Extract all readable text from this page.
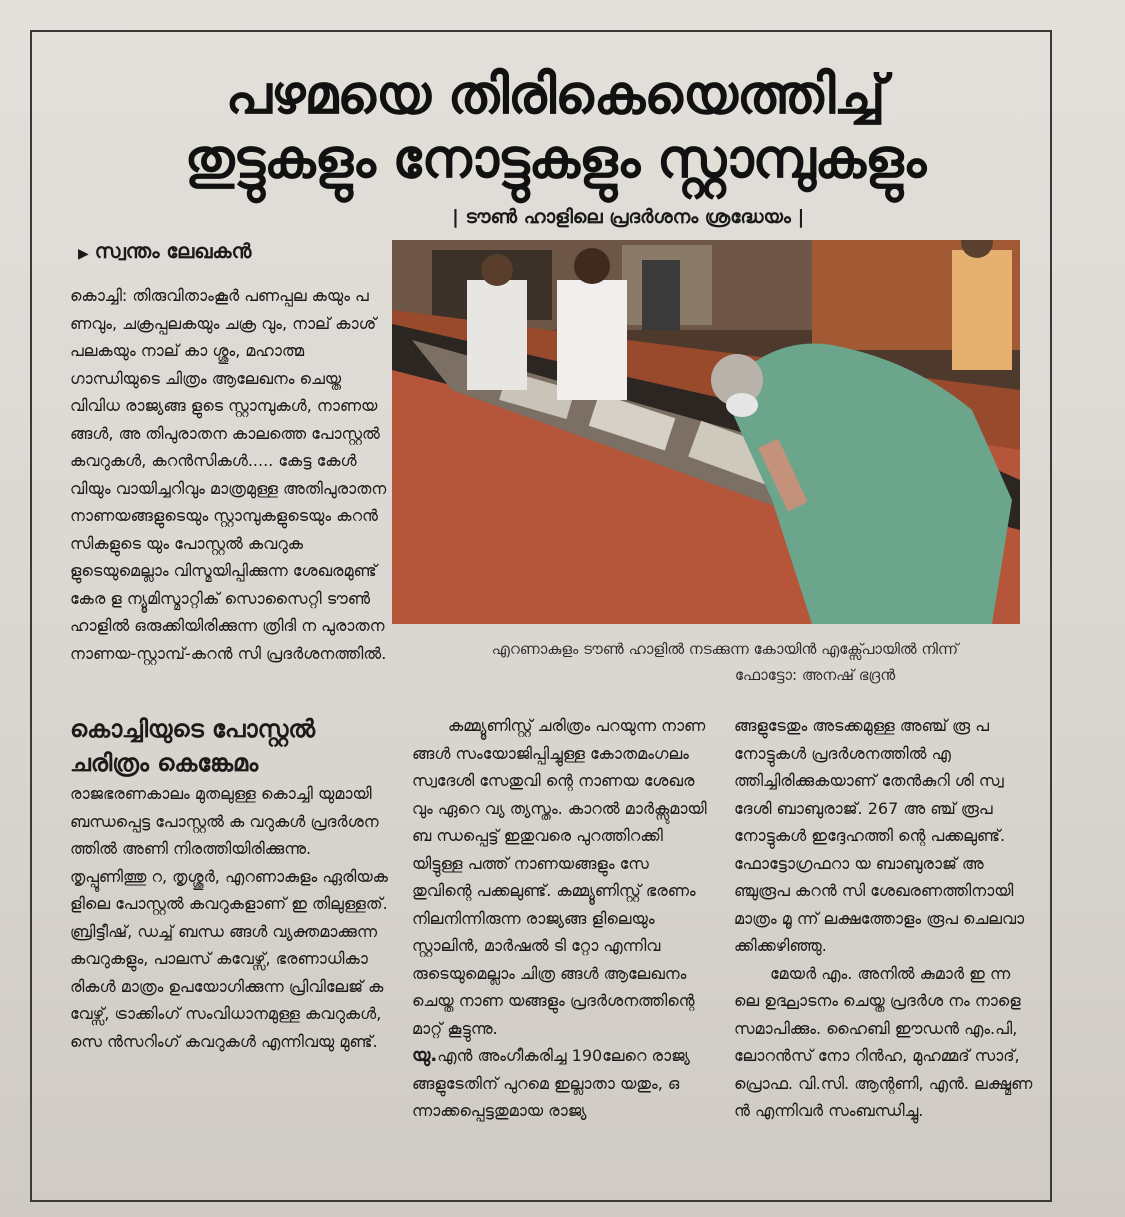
പഴമയെ തിരികെയെത്തിച്ച്
തുട്ടുകളും നോട്ടുകളും സ്റ്റാമ്പുകളും
| ടൗൺ ഹാളിലെ പ്രദർശനം ശ്രദ്ധേയം |
▶ സ്വന്തം ലേഖകൻ

കൊച്ചി: തിരുവിതാംകൂർ പണപ്പല കയും പണവും, ചക്രപ്പലകയും ചക്ര വും, നാല് കാശ് പലകയും നാല് കാ ശ്ശും, മഹാത്മ ഗാന്ധിയുടെ ചിത്രം ആലേഖനം ചെയ്ത വിവിധ രാജ്യങ്ങ ളുടെ സ്റ്റാമ്പുകൾ, നാണയങ്ങൾ, അ തിപുരാതന കാലത്തെ പോസ്റ്റൽ കവറുകൾ, കറൻസികൾ..... കേട്ട കേൾവിയും വായിച്ചറിവും മാത്രമുള്ള അതിപുരാതന നാണയങ്ങളുടെയും സ്റ്റാമ്പുകളുടെയും കറൻസികളുടെ യും പോസ്റ്റൽ കവറുകളുടെയുമെല്ലാം വിസ്മയിപ്പിക്കുന്ന ശേഖരമുണ്ട് കേര ള ന്യൂമിസ്മാറ്റിക് സൊസൈറ്റി ടൗൺ ഹാളിൽ ഒരുക്കിയിരിക്കുന്ന ത്രിദി ന പുരാതന നാണയ-സ്റ്റാമ്പ്-കറൻ സി പ്രദർശനത്തിൽ.

കൊച്ചിയുടെ പോസ്റ്റൽ
ചരിത്രം കെങ്കേമം

രാജഭരണകാലം മുതലുള്ള കൊച്ചി യുമായി ബന്ധപ്പെട്ട പോസ്റ്റൽ ക വറുകൾ പ്രദർശനത്തിൽ അണി നിരത്തിയിരിക്കുന്നു. തൃപ്പൂണിത്തു റ, തൃശ്ശൂർ, എറണാകുളം ഏരിയക ളിലെ പോസ്റ്റൽ കവറുകളാണ് ഇ തിലുള്ളത്. ബ്രിട്ടീഷ്, ഡച്ച് ബന്ധ ങ്ങൾ വ്യക്തമാക്കുന്ന കവറുകളും, പാലസ് കവേഴ്സ്, ഭരണാധികാ രികൾ മാത്രം ഉപയോഗിക്കുന്ന പ്രിവിലേജ് കവേഴ്സ്, ട്രാക്കിംഗ് സംവിധാനമുള്ള കവറുകൾ, സെ ൻസറിംഗ് കവറുകൾ എന്നിവയു മുണ്ട്.

എറണാകുളം ടൗൺ ഹാളിൽ നടക്കുന്ന കോയിൻ എക്സ്പോയിൽ നിന്ന്
ഫോട്ടോ: അനഷ് ഭദ്രൻ

കമ്മ്യൂണിസ്റ്റ് ചരിത്രം പറയുന്ന നാണങ്ങൾ സംയോജിപ്പിച്ചുള്ള കോതമംഗലം സ്വദേശി സേതുവി ന്റെ നാണയ ശേഖരവും ഏറെ വ്യ ത്യസ്തം. കാറൽ മാർക്സുമായി ബ ന്ധപ്പെട്ട് ഇതുവരെ പുറത്തിറക്കി യിട്ടുള്ള പത്ത് നാണയങ്ങളും സേ തുവിന്റെ പക്കലുണ്ട്. കമ്മ്യൂണിസ്റ്റ് ഭരണം നിലനിന്നിരുന്ന രാജ്യങ്ങ ളിലെയും സ്റ്റാലിൻ, മാർഷൽ ടി റ്റോ എന്നിവരുടെയുമെല്ലാം ചിത്ര ങ്ങൾ ആലേഖനം ചെയ്ത നാണ യങ്ങളും പ്രദർശനത്തിന്റെ മാറ്റ് കൂട്ടുന്നു.

യു.എൻ അംഗീകരിച്ച 190ലേറെ രാജ്യങ്ങളുടേതിന് പുറമെ ഇല്ലാതാ യതും, ഒന്നാക്കപ്പെട്ടതുമായ രാജ്യ

ങ്ങളുടേതും അടക്കമുള്ള അഞ്ച് രൂ പ നോട്ടുകൾ പ്രദർശനത്തിൽ എ ത്തിച്ചിരിക്കുകയാണ് തേൻകുറി ശി സ്വദേശി ബാബുരാജ്. 267 അ ഞ്ച് രൂപ നോട്ടുകൾ ഇദ്ദേഹത്തി ന്റെ പക്കലുണ്ട്. ഫോട്ടോഗ്രഫറാ യ ബാബുരാജ് അഞ്ചുരൂപ കറൻ സി ശേഖരണത്തിനായി മാത്രം മൂ ന്ന് ലക്ഷത്തോളം രൂപ ചെലവാ ക്കിക്കഴിഞ്ഞു.

മേയർ എം. അനിൽ കുമാർ ഇ ന്നലെ ഉദ്ഘാടനം ചെയ്ത പ്രദർശ നം നാളെ സമാപിക്കും. ഹൈബി ഈഡൻ എം.പി, ലോറൻസ് നോ റിൻഹ, മുഹമ്മദ് സാദ്, പ്രൊഫ. വി.സി. ആന്റണി, എൻ. ലക്ഷ്മണ ൻ എന്നിവർ സംബന്ധിച്ചു.
